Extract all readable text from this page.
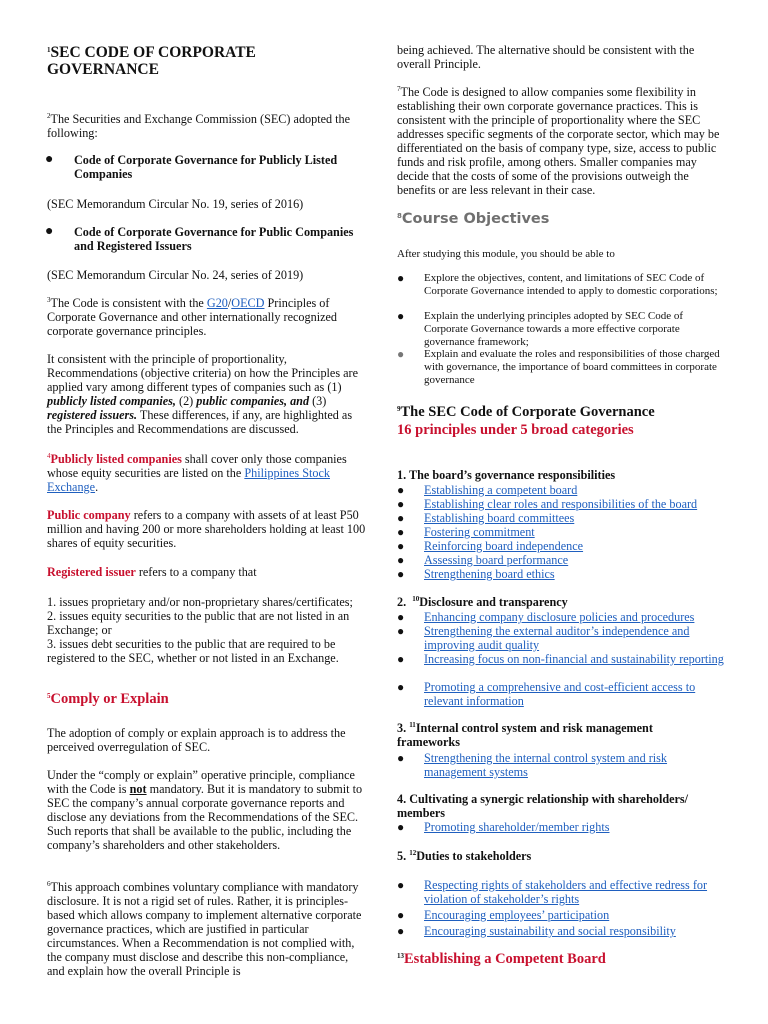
$^1$SEC CODE OF CORPORATE GOVERNANCE
$^2$The Securities and Exchange Commission (SEC) adopted the following:
● Code of Corporate Governance for Publicly Listed Companies
(SEC Memorandum Circular No. 19, series of 2016)
● Code of Corporate Governance for Public Companies and Registered Issuers
(SEC Memorandum Circular No. 24, series of 2019)
$^3$The Code is consistent with the G20/OECD Principles of Corporate Governance and other internationally recognized corporate governance principles.
It consistent with the principle of proportionality, Recommendations (objective criteria) on how the Principles are applied vary among different types of companies such as (1) publicly listed companies, (2) public companies, and (3) registered issuers. These differences, if any, are highlighted as the Principles and Recommendations are discussed.
$^4$Publicly listed companies shall cover only those companies whose equity securities are listed on the Philippines Stock Exchange.
Public company refers to a company with assets of at least P50 million and having 200 or more shareholders holding at least 100 shares of equity securities.
Registered issuer refers to a company that
1. issues proprietary and/or non-proprietary shares/certificates;
2. issues equity securities to the public that are not listed in an Exchange; or
3. issues debt securities to the public that are required to be registered to the SEC, whether or not listed in an Exchange.
$^5$Comply or Explain
The adoption of comply or explain approach is to address the perceived overregulation of SEC.
Under the “comply or explain” operative principle, compliance with the Code is not mandatory. But it is mandatory to submit to SEC the company’s annual corporate governance reports and disclose any deviations from the Recommendations of the SEC. Such reports that shall be available to the public, including the company’s shareholders and other stakeholders.
$^6$This approach combines voluntary compliance with mandatory disclosure. It is not a rigid set of rules. Rather, it is principles-based which allows company to implement alternative corporate governance practices, which are justified in particular circumstances. When a Recommendation is not complied with, the company must disclose and describe this non-compliance, and explain how the overall Principle is
being achieved. The alternative should be consistent with the overall Principle.
$^7$The Code is designed to allow companies some flexibility in establishing their own corporate governance practices. This is consistent with the principle of proportionality where the SEC addresses specific segments of the corporate sector, which may be differentiated on the basis of company type, size, access to public funds and risk profile, among others. Smaller companies may decide that the costs of some of the provisions outweigh the benefits or are less relevant in their case.
$^8$Course Objectives
After studying this module, you should be able to
● Explore the objectives, content, and limitations of SEC Code of Corporate Governance intended to apply to domestic corporations;
● Explain the underlying principles adopted by SEC Code of Corporate Governance towards a more effective corporate governance framework;
● Explain and evaluate the roles and responsibilities of those charged with governance, the importance of board committees in corporate governance
$^9$The SEC Code of Corporate Governance
16 principles under 5 broad categories
1. The board’s governance responsibilities
● Establishing a competent board
● Establishing clear roles and responsibilities of the board
● Establishing board committees
● Fostering commitment
● Reinforcing board independence
● Assessing board performance
● Strengthening board ethics
2. $^{10}$Disclosure and transparency
● Enhancing company disclosure policies and procedures
● Strengthening the external auditor’s independence and improving audit quality
● Increasing focus on non-financial and sustainability reporting
● Promoting a comprehensive and cost-efficient access to relevant information
3. $^{11}$Internal control system and risk management frameworks
● Strengthening the internal control system and risk management systems
4. Cultivating a synergic relationship with shareholders/ members
● Promoting shareholder/member rights
5. $^{12}$Duties to stakeholders
● Respecting rights of stakeholders and effective redress for violation of stakeholder’s rights
● Encouraging employees’ participation
● Encouraging sustainability and social responsibility
$^{13}$Establishing a Competent Board
